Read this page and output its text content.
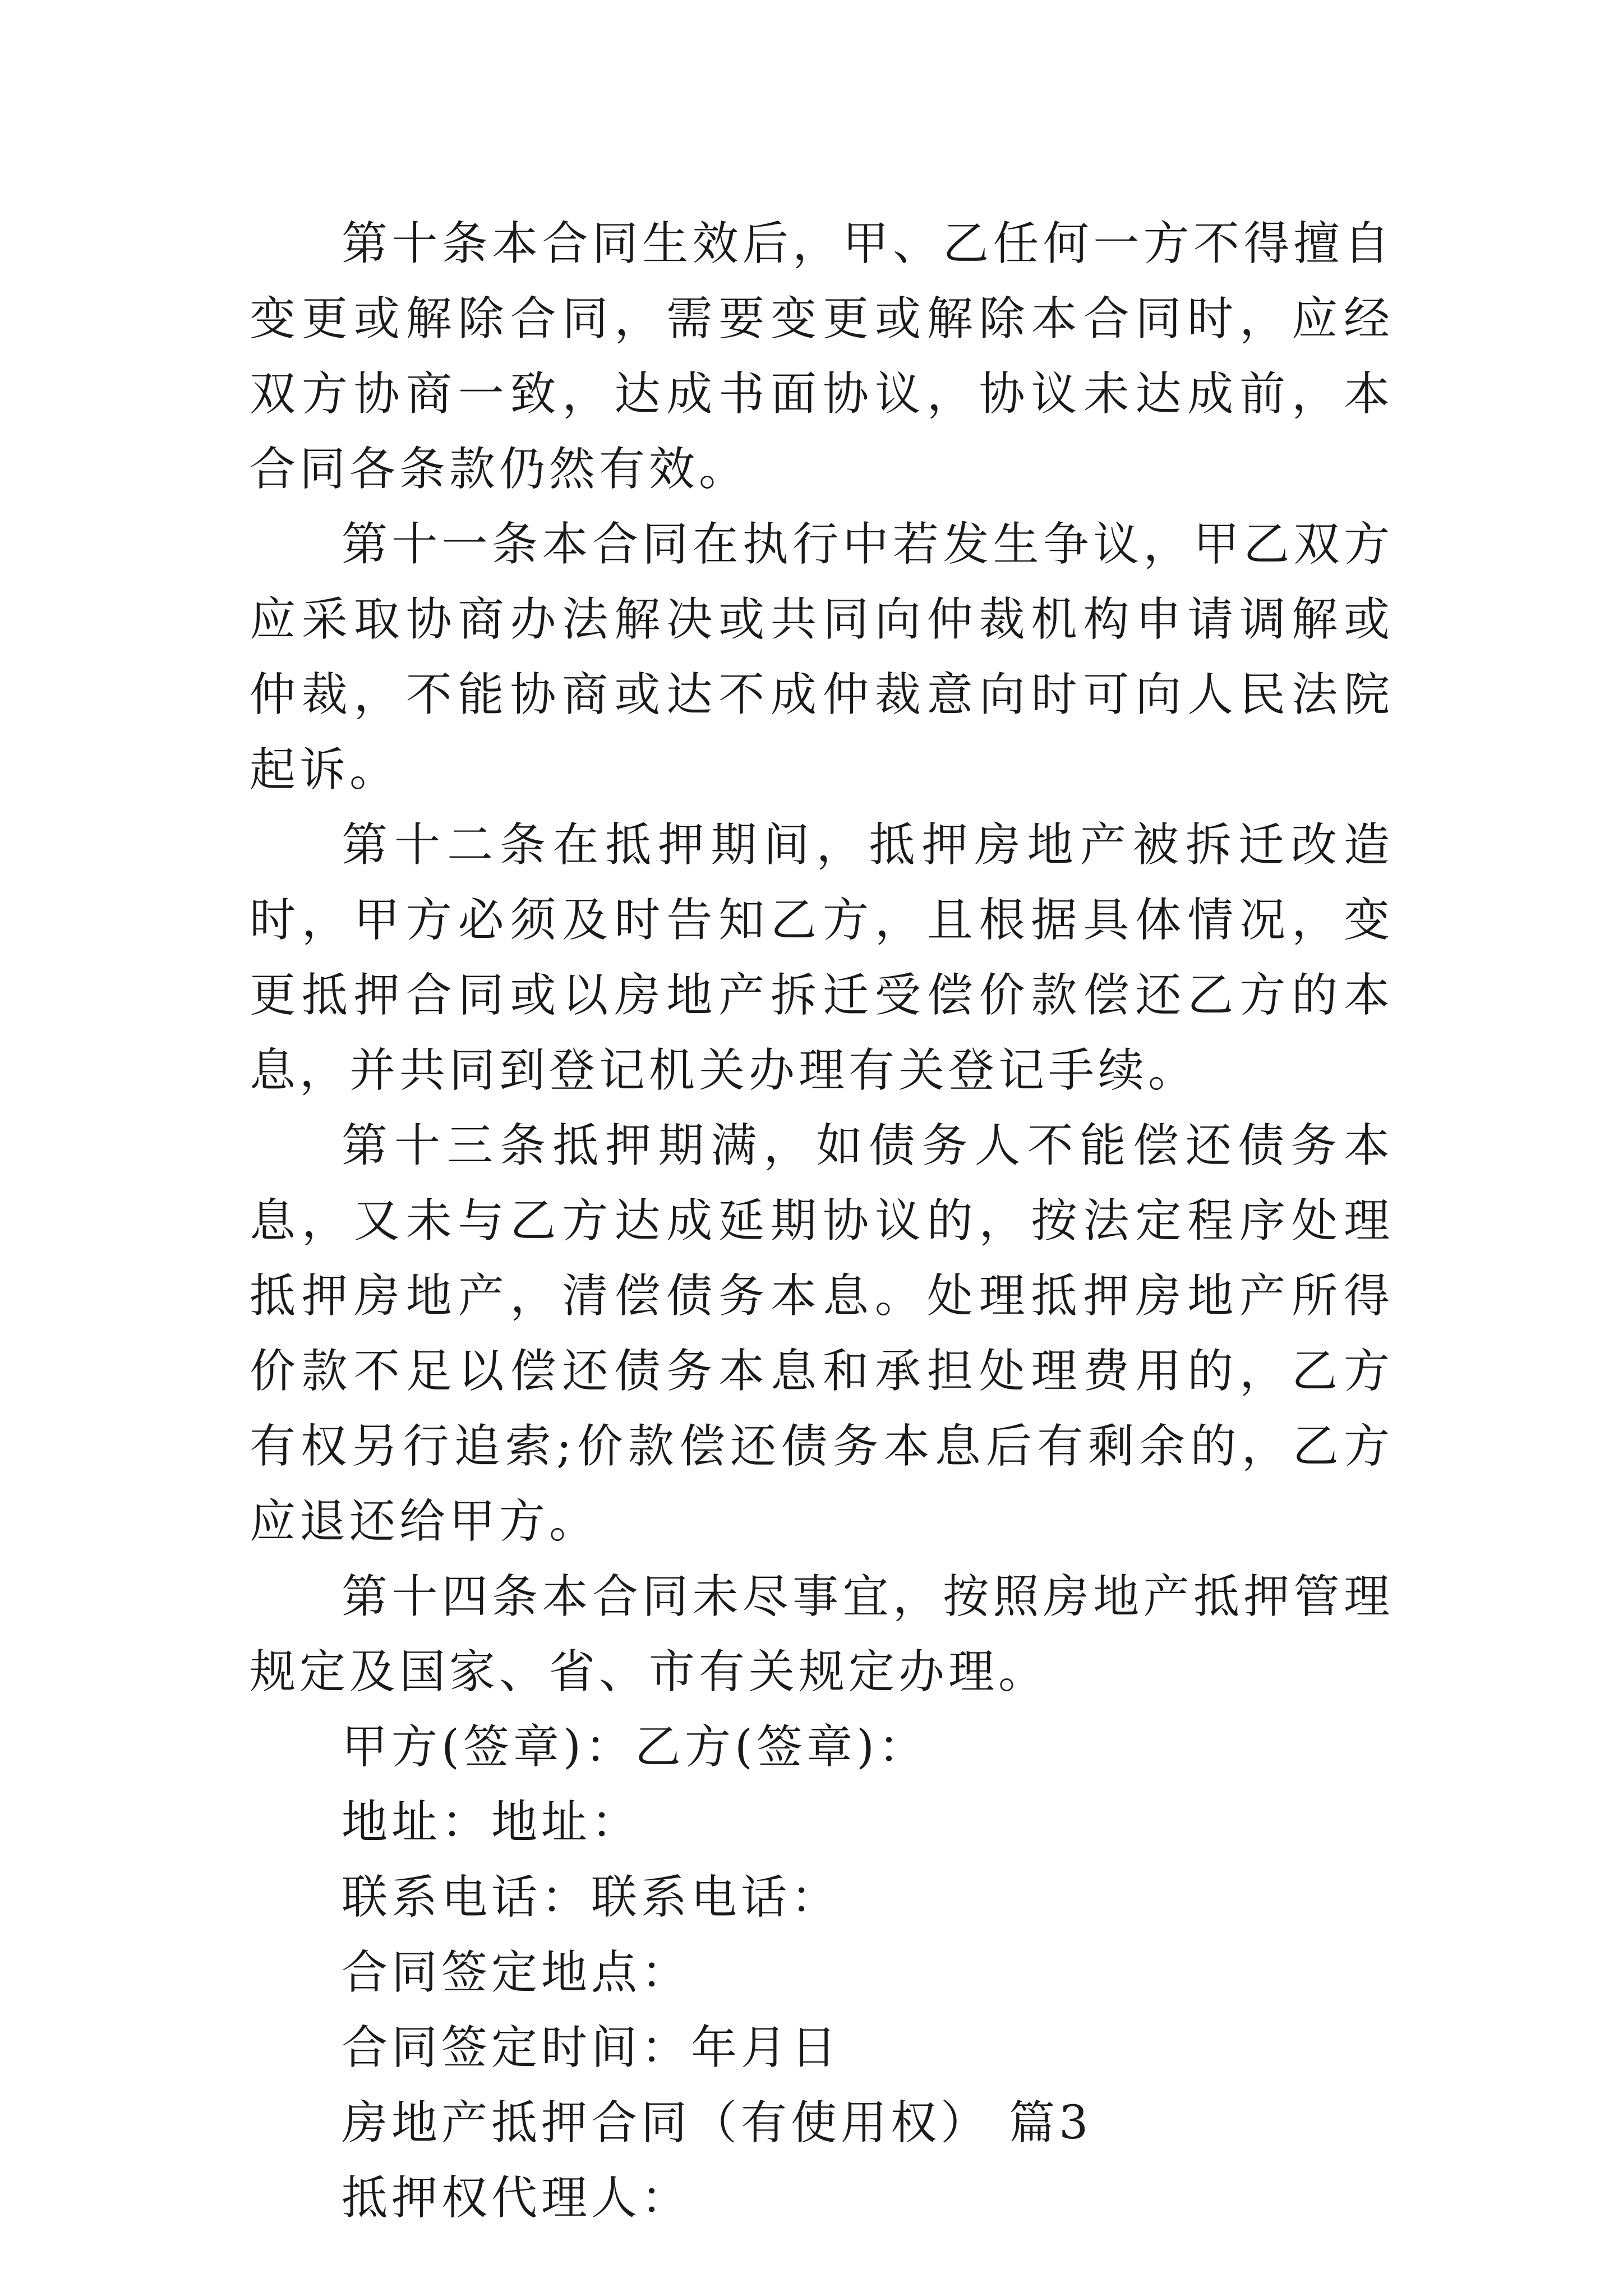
第十条本合同生效后，甲、乙任何一方不得擅自变更或解除合同，需要变更或解除本合同时，应经双方协商一致，达成书面协议，协议未达成前，本合同各条款仍然有效。

第十一条本合同在执行中若发生争议，甲乙双方应采取协商办法解决或共同向仲裁机构申请调解或仲裁，不能协商或达不成仲裁意向时可向人民法院起诉。

第十二条在抵押期间，抵押房地产被拆迁改造时，甲方必须及时告知乙方，且根据具体情况，变更抵押合同或以房地产拆迁受偿价款偿还乙方的本息，并共同到登记机关办理有关登记手续。

第十三条抵押期满，如债务人不能偿还债务本息，又未与乙方达成延期协议的，按法定程序处理抵押房地产，清偿债务本息。处理抵押房地产所得价款不足以偿还债务本息和承担处理费用的，乙方有权另行追索;价款偿还债务本息后有剩余的，乙方应退还给甲方。

第十四条本合同未尽事宜，按照房地产抵押管理规定及国家、省、市有关规定办理。

甲方(签章)：乙方(签章)：

地址：地址：

联系电话：联系电话：

合同签定地点：

合同签定时间：年月日

房地产抵押合同（有使用权） 篇3

抵押权代理人：
